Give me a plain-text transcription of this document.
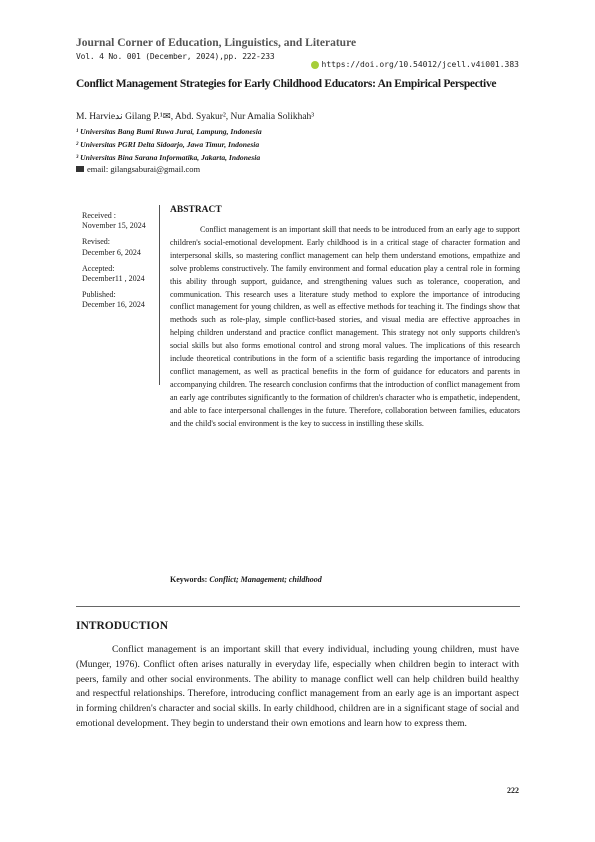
Journal Corner of Education, Linguistics, and Literature
Vol. 4 No. 001 (December, 2024),pp. 222-233
https://doi.org/10.54012/jcell.v4i001.383
Conflict Management Strategies for Early Childhood Educators: An Empirical Perspective
M. Harvieند Gilang P.¹✉, Abd. Syakur², Nur Amalia Solikhah³
¹ Universitas Bang Bumi Ruwa Jurai, Lampung, Indonesia
² Universitas PGRI Delta Sidoarjo, Jawa Timur, Indonesia
³ Universitas Bina Sarana Informatika, Jakarta, Indonesia
email: gilangsaburai@gmail.com
Received :
November 15, 2024
Revised:
December 6, 2024
Accepted:
December11 , 2024
Published:
December 16, 2024
ABSTRACT
Conflict management is an important skill that needs to be introduced from an early age to support children's social-emotional development. Early childhood is in a critical stage of character formation and interpersonal skills, so mastering conflict management can help them understand emotions, empathize and solve problems constructively. The family environment and formal education play a central role in forming this ability through support, guidance, and strengthening values such as tolerance, cooperation, and communication. This research uses a literature study method to explore the importance of introducing conflict management for young children, as well as effective methods for teaching it. The findings show that methods such as role-play, simple conflict-based stories, and visual media are effective approaches in helping children understand and practice conflict management. This strategy not only supports children's social skills but also forms emotional control and strong moral values. The implications of this research include theoretical contributions in the form of a scientific basis regarding the importance of introducing conflict management, as well as practical benefits in the form of guidance for educators and parents in accompanying children. The research conclusion confirms that the introduction of conflict management from an early age contributes significantly to the formation of children's character who is empathetic, independent, and able to face interpersonal challenges in the future. Therefore, collaboration between families, educators and the child's social environment is the key to success in instilling these skills.
Keywords: Conflict; Management; childhood
INTRODUCTION
Conflict management is an important skill that every individual, including young children, must have (Munger, 1976). Conflict often arises naturally in everyday life, especially when children begin to interact with peers, family and other social environments. The ability to manage conflict well can help children build healthy and respectful relationships. Therefore, introducing conflict management from an early age is an important aspect in forming children's character and social skills. In early childhood, children are in a significant stage of social and emotional development. They begin to understand their own emotions and learn how to express them.
222
